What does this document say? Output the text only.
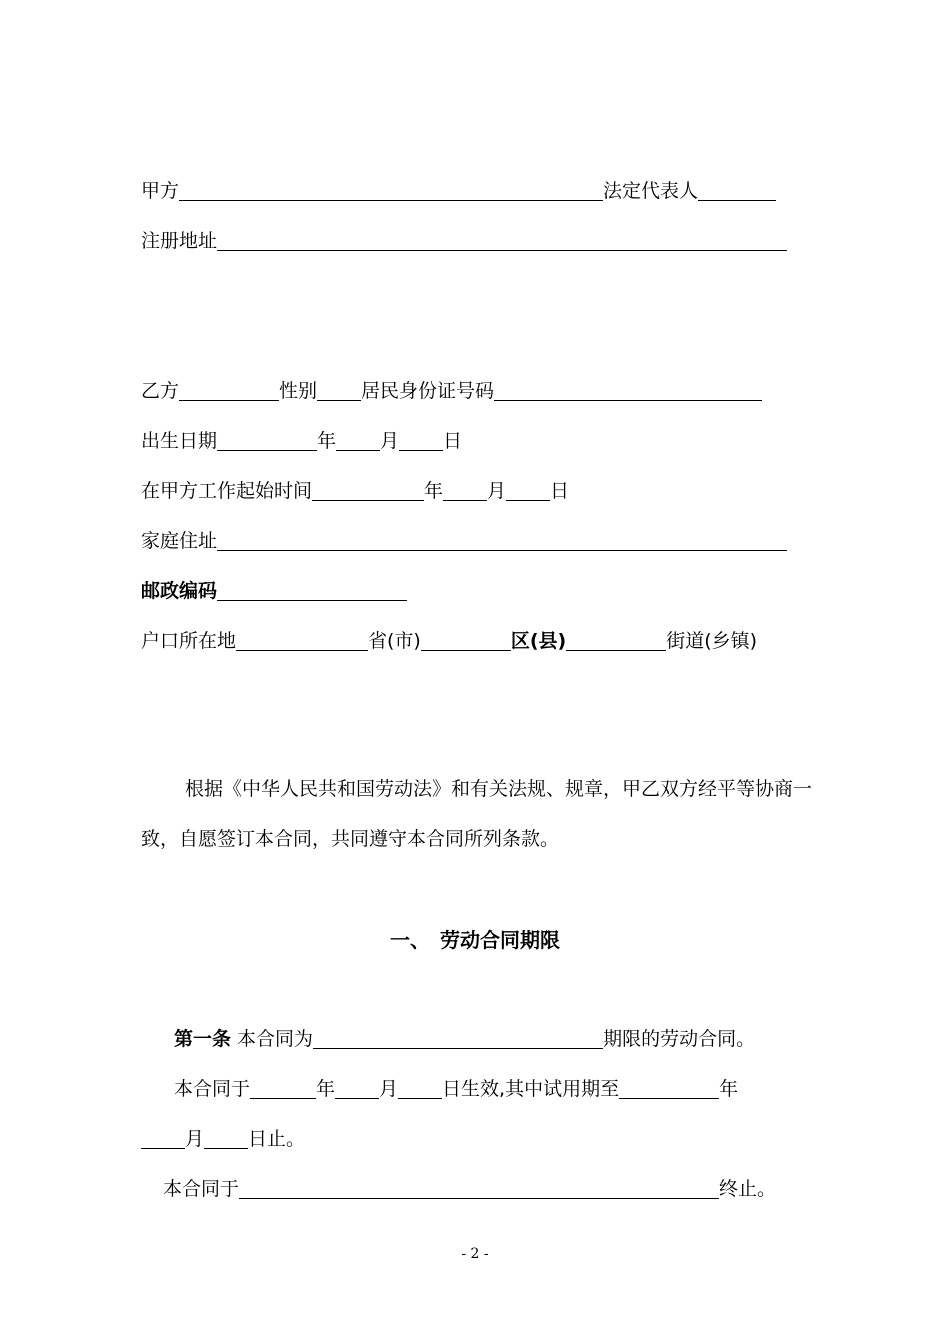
甲方	法定代表人
注册地址
乙方	性别 居民身份证号码
出生日期	年 月 日
在甲方工作起始时间	年 月 日
家庭住址
邮政编码
户口所在地	省(市)	区(县)	街道(乡镇)
根据《中华人民共和国劳动法》和有关法规、规章，甲乙双方经平等协商一致，自愿签订本合同，共同遵守本合同所列条款。
一、　劳动合同期限
第一条 本合同为	期限的劳动合同。
本合同于	年 月 日生效,其中试用期至	年
月 日止。
本合同于	终止。
- 2 -
